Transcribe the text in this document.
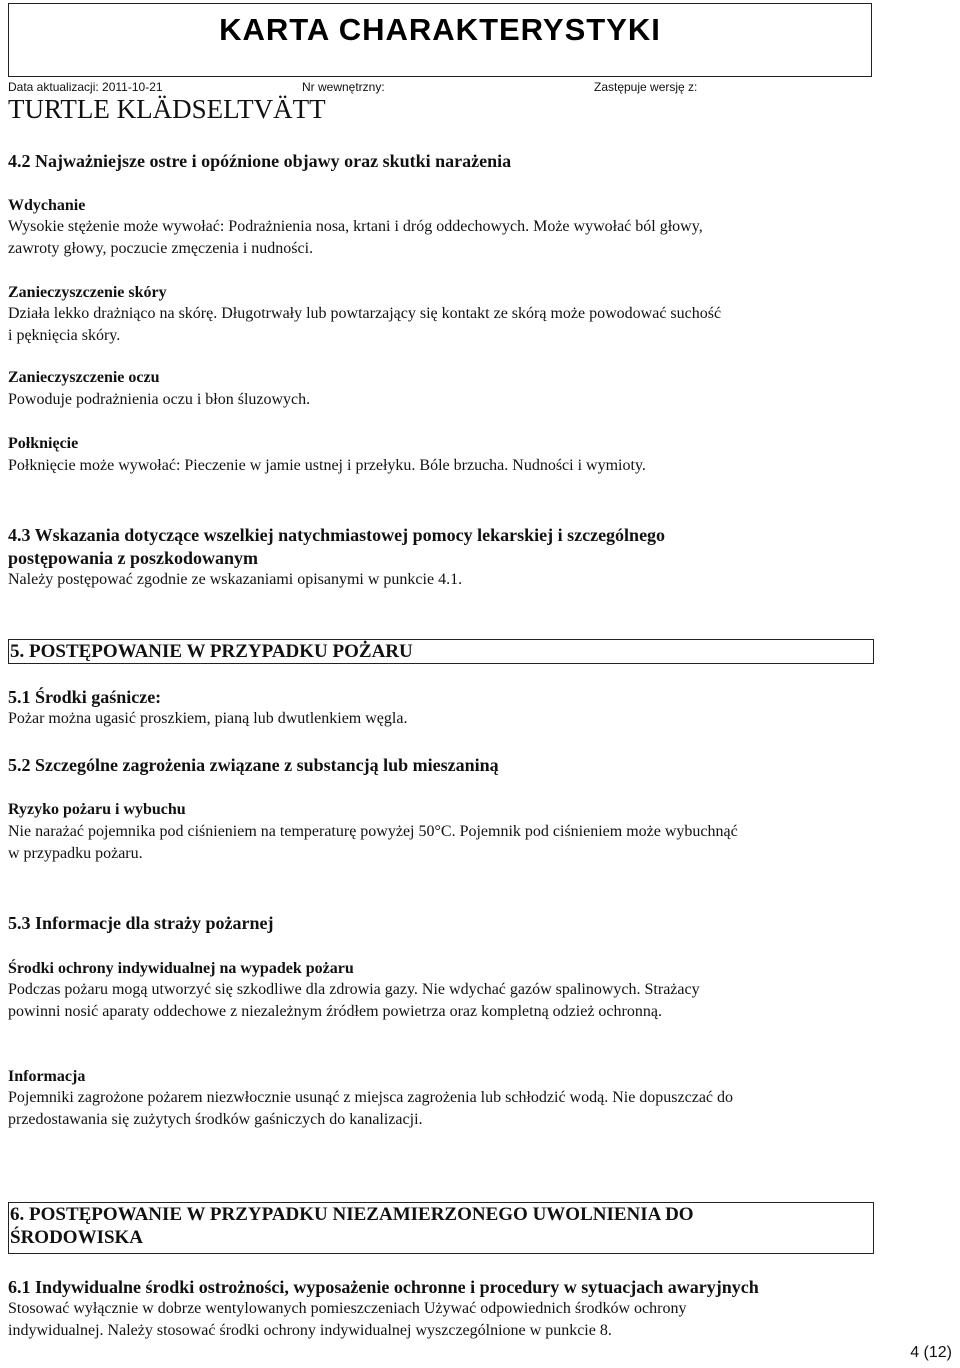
KARTA CHARAKTERYSTYKI
Data aktualizacji: 2011-10-21	Nr wewnętrzny:	Zastępuje wersję z:
TURTLE KLÄDSELTVÄTT
4.2 Najważniejsze ostre i opóźnione objawy oraz skutki narażenia
Wdychanie
Wysokie stężenie może wywołać: Podrażnienia nosa, krtani i dróg oddechowych. Może wywołać ból głowy,
zawroty głowy, poczucie zmęczenia i nudności.
Zanieczyszczenie skóry
Działa lekko drażniąco na skórę. Długotrwały lub powtarzający się kontakt ze skórą może powodować suchość
i pęknięcia skóry.
Zanieczyszczenie oczu
Powoduje podrażnienia oczu i błon śluzowych.
Połknięcie
Połknięcie może wywołać: Pieczenie w jamie ustnej i przełyku. Bóle brzucha. Nudności i wymioty.
4.3 Wskazania dotyczące wszelkiej natychmiastowej pomocy lekarskiej i szczególnego
postępowania z poszkodowanym
Należy postępować zgodnie ze wskazaniami opisanymi w punkcie 4.1.
5. POSTĘPOWANIE W PRZYPADKU POŻARU
5.1 Środki gaśnicze:
Pożar można ugasić proszkiem, pianą lub dwutlenkiem węgla.
5.2 Szczególne zagrożenia związane z substancją lub mieszaniną
Ryzyko pożaru i wybuchu
Nie narażać pojemnika pod ciśnieniem na temperaturę powyżej 50°C. Pojemnik pod ciśnieniem może wybuchnąć
w przypadku pożaru.
5.3 Informacje dla straży pożarnej
Środki ochrony indywidualnej na wypadek pożaru
Podczas pożaru mogą utworzyć się szkodliwe dla zdrowia gazy. Nie wdychać gazów spalinowych. Strażacy
powinni nosić aparaty oddechowe z niezależnym źródłem powietrza oraz kompletną odzież ochronną.
Informacja
Pojemniki zagrożone pożarem niezwłocznie usunąć z miejsca zagrożenia lub schłodzić wodą. Nie dopuszczać do
przedostawania się zużytych środków gaśniczych do kanalizacji.
6. POSTĘPOWANIE W PRZYPADKU NIEZAMIERZONEGO UWOLNIENIA DO
ŚRODOWISKA
6.1 Indywidualne środki ostrożności, wyposażenie ochronne i procedury w sytuacjach awaryjnych
Stosować wyłącznie w dobrze wentylowanych pomieszczeniach Używać odpowiednich środków ochrony
indywidualnej. Należy stosować środki ochrony indywidualnej wyszczególnione w punkcie 8.
4 (12)
